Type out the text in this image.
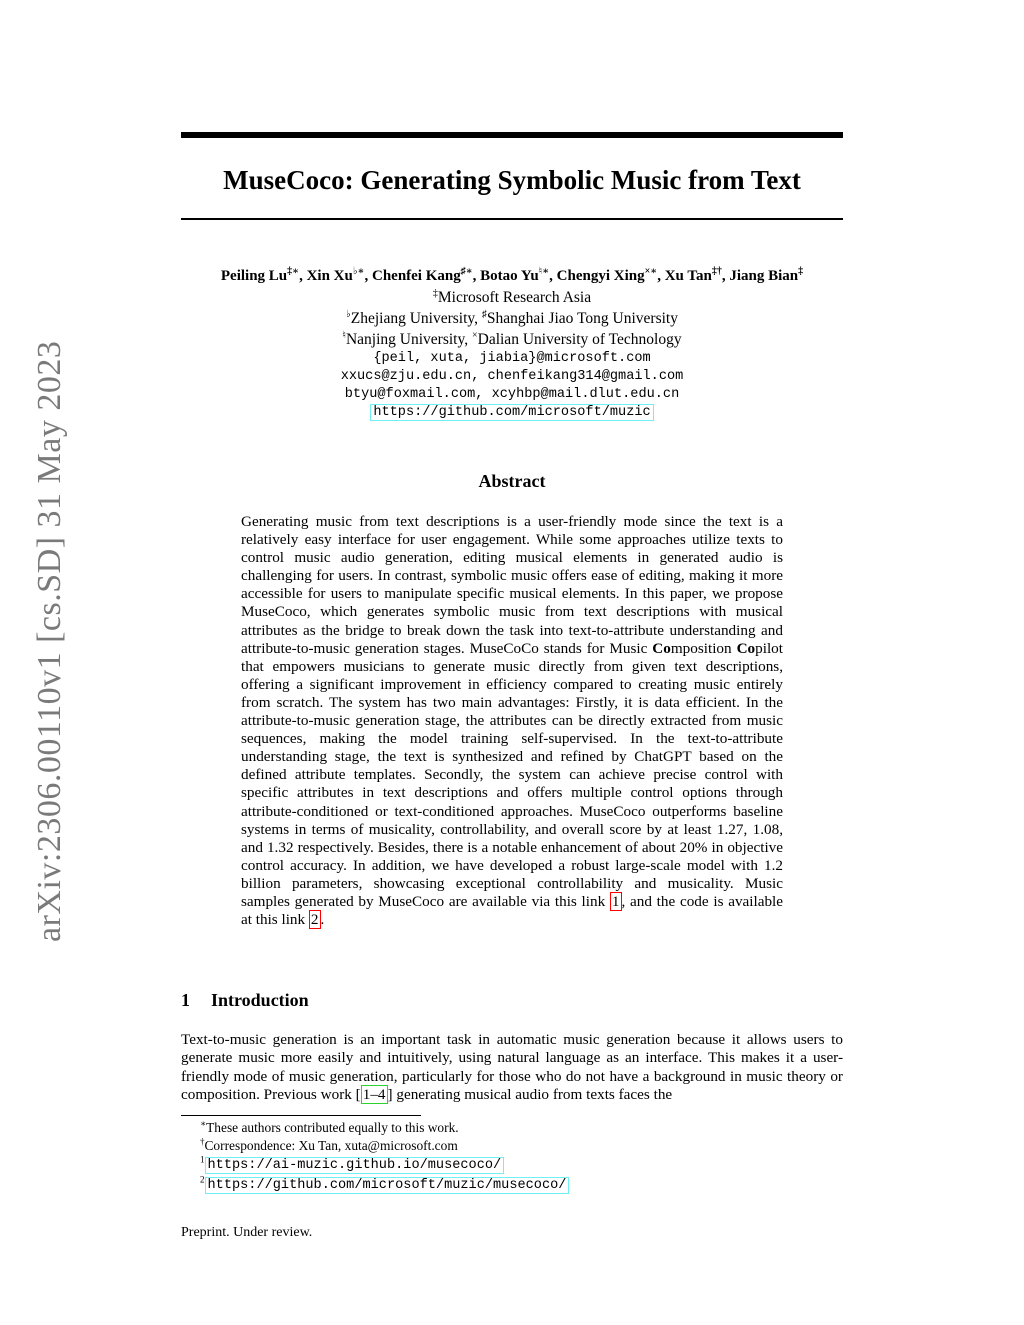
arXiv:2306.00110v1 [cs.SD] 31 May 2023
MuseCoco: Generating Symbolic Music from Text
Peiling Lu‡∗, Xin Xu♭∗, Chenfei Kang♯∗, Botao Yu♮∗, Chengyi Xing×∗, Xu Tan‡†, Jiang Bian‡
‡Microsoft Research Asia
♭Zhejiang University, ♯Shanghai Jiao Tong University
♮Nanjing University, ×Dalian University of Technology
{peil, xuta, jiabia}@microsoft.com
xxucs@zju.edu.cn, chenfeikang314@gmail.com
btyu@foxmail.com, xcyhbp@mail.dlut.edu.cn
https://github.com/microsoft/muzic
Abstract
Generating music from text descriptions is a user-friendly mode since the text is a relatively easy interface for user engagement. While some approaches utilize texts to control music audio generation, editing musical elements in generated audio is challenging for users. In contrast, symbolic music offers ease of editing, making it more accessible for users to manipulate specific musical elements. In this paper, we propose MuseCoco, which generates symbolic music from text descriptions with musical attributes as the bridge to break down the task into text-to-attribute understanding and attribute-to-music generation stages. MuseCoCo stands for Music Composition Copilot that empowers musicians to generate music directly from given text descriptions, offering a significant improvement in efficiency compared to creating music entirely from scratch. The system has two main advantages: Firstly, it is data efficient. In the attribute-to-music generation stage, the attributes can be directly extracted from music sequences, making the model training self-supervised. In the text-to-attribute understanding stage, the text is synthesized and refined by ChatGPT based on the defined attribute templates. Secondly, the system can achieve precise control with specific attributes in text descriptions and offers multiple control options through attribute-conditioned or text-conditioned approaches. MuseCoco outperforms baseline systems in terms of musicality, controllability, and overall score by at least 1.27, 1.08, and 1.32 respectively. Besides, there is a notable enhancement of about 20% in objective control accuracy. In addition, we have developed a robust large-scale model with 1.2 billion parameters, showcasing exceptional controllability and musicality. Music samples generated by MuseCoco are available via this link 1 , and the code is available at this link 2 .
1 Introduction
Text-to-music generation is an important task in automatic music generation because it allows users to generate music more easily and intuitively, using natural language as an interface. This makes it a user-friendly mode of music generation, particularly for those who do not have a background in music theory or composition. Previous work [ 1–4 ] generating musical audio from texts faces the
∗These authors contributed equally to this work.
†Correspondence: Xu Tan, xuta@microsoft.com
$^1$ https://ai-muzic.github.io/musecoco/
$^2$ https://github.com/microsoft/muzic/musecoco/
Preprint. Under review.
